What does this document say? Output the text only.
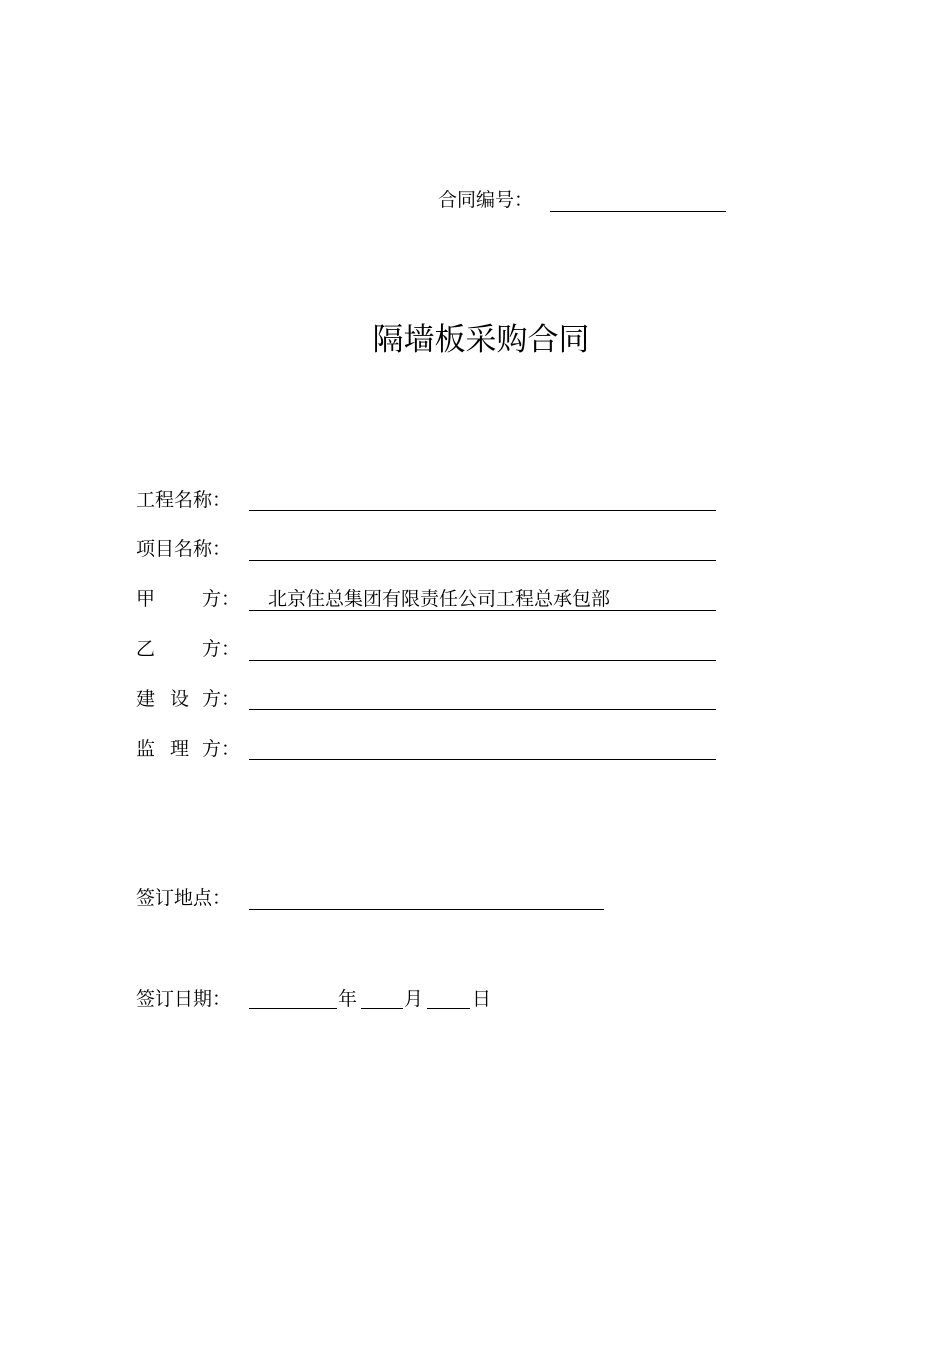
合同编号：
隔墙板采购合同
工程名称：
项目名称：
甲 方： 北京住总集团有限责任公司工程总承包部
乙 方：
建 设 方：
监 理 方：
签订地点：
签订日期：	年 月	日
